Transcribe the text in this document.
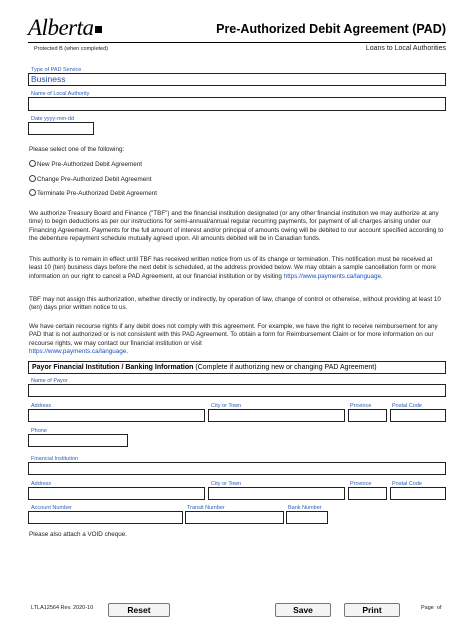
Alberta	Pre-Authorized Debit Agreement (PAD)
Protected B (when completed)	Loans to Local Authorities
Type of PAD Service
Business
Name of Local Authority
Date yyyy-mm-dd
Please select one of the following:
New Pre-Authorized Debit Agreement
Change Pre-Authorized Debit Agreement
Terminate Pre-Authorized Debit Agreement
We authorize Treasury Board and Finance ("TBF") and the financial institution designated (or any other financial institution we may authorize at any time) to begin deductions as per our instructions for semi-annual/annual regular recurring payments, for payment of all charges arising under our Financing Agreement. Payments for the full amount of interest and/or principal of amounts owing will be debited to our account specified according to the debenture repayment schedule mutually agreed upon. All amounts debited will be in Canadian funds.
This authority is to remain in effect until TBF has received written notice from us of its change or termination. This notification must be received at least 10 (ten) business days before the next debit is scheduled, at the address provided below. We may obtain a sample cancellation form or more information on our right to cancel a PAD Agreement, at our financial institution or by visiting https://www.payments.ca/language.
TBF may not assign this authorization, whether directly or indirectly, by operation of law, change of control or otherwise, without providing at least 10 (ten) days prior written notice to us.
We have certain recourse rights if any debit does not comply with this agreement. For example, we have the right to receive reimbursement for any PAD that is not authorized or is not consistent with this PAD Agreement. To obtain a form for Reimbursement Claim or for more information on our recourse rights, we may contact our financial institution or visit
https://www.payments.ca/language.
Payor Financial Institution / Banking Information (Complete if authorizing new or changing PAD Agreement)
Name of Payor
Address	City or Town	Province	Postal Code
Phone
Financial Institution
Address	City or Town	Province	Postal Code
Account Number	Transit Number	Bank Number
Please also attach a VOID cheque.
LTLA12564 Rev. 2020-10	Reset	Save	Print	Page  of
